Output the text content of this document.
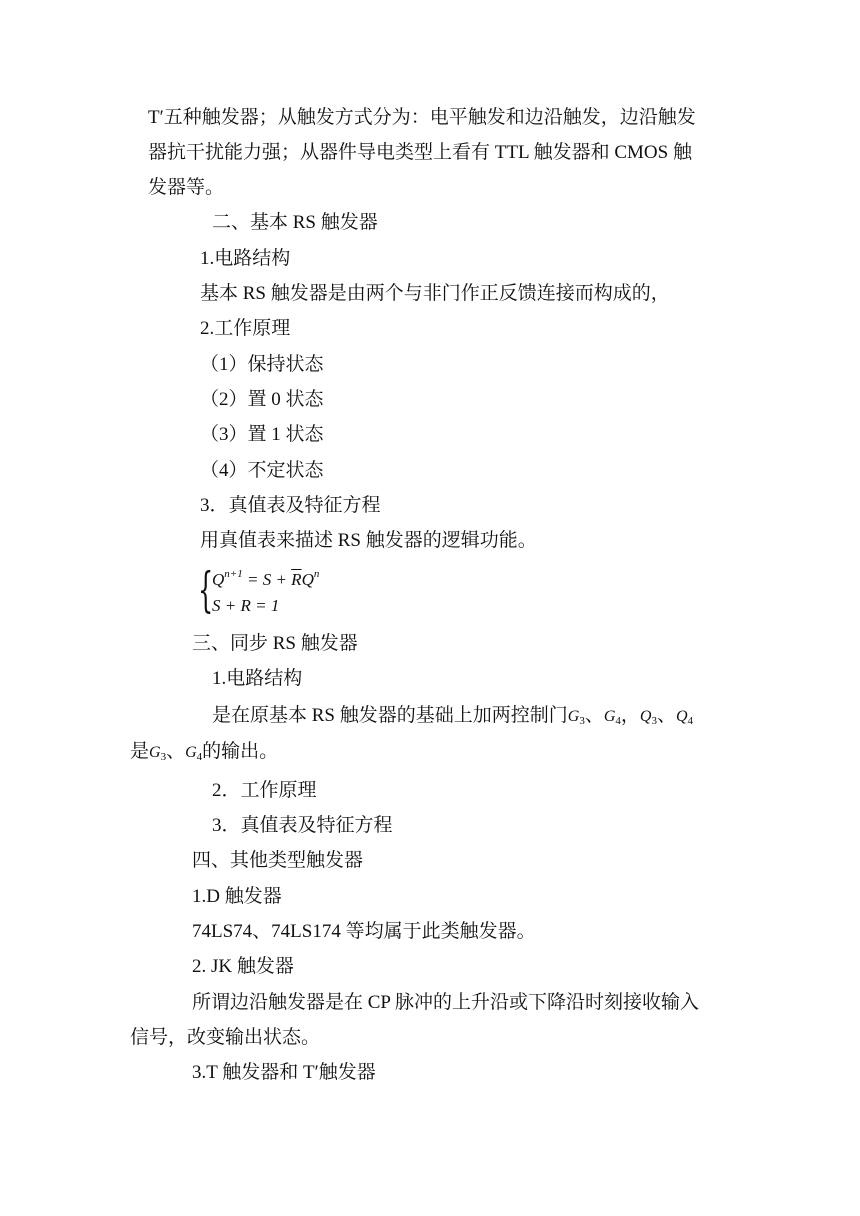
T′五种触发器；从触发方式分为：电平触发和边沿触发，边沿触发
器抗干扰能力强；从器件导电类型上看有 TTL 触发器和 CMOS 触
发器等。
二、基本 RS 触发器
1.电路结构
基本 RS 触发器是由两个与非门作正反馈连接而构成的，
2.工作原理
（1）保持状态
（2）置 0 状态
（3）置 1 状态
（4）不定状态
3．真值表及特征方程
用真值表来描述 RS 触发器的逻辑功能。
{
$Q^{n+1} = S + \overline{R}Q^n$
S + R = 1
三、同步 RS 触发器
1.电路结构
是在原基本 RS 触发器的基础上加两控制门$G_3$、$G_4$，$Q_3$、$Q_4$
是$G_3$、$G_4$的输出。
2．工作原理
3．真值表及特征方程
四、其他类型触发器
1.D 触发器
74LS74、74LS174 等均属于此类触发器。
2. JK 触发器
所谓边沿触发器是在 CP 脉冲的上升沿或下降沿时刻接收输入
信号，改变输出状态。
3.T 触发器和 T′触发器
